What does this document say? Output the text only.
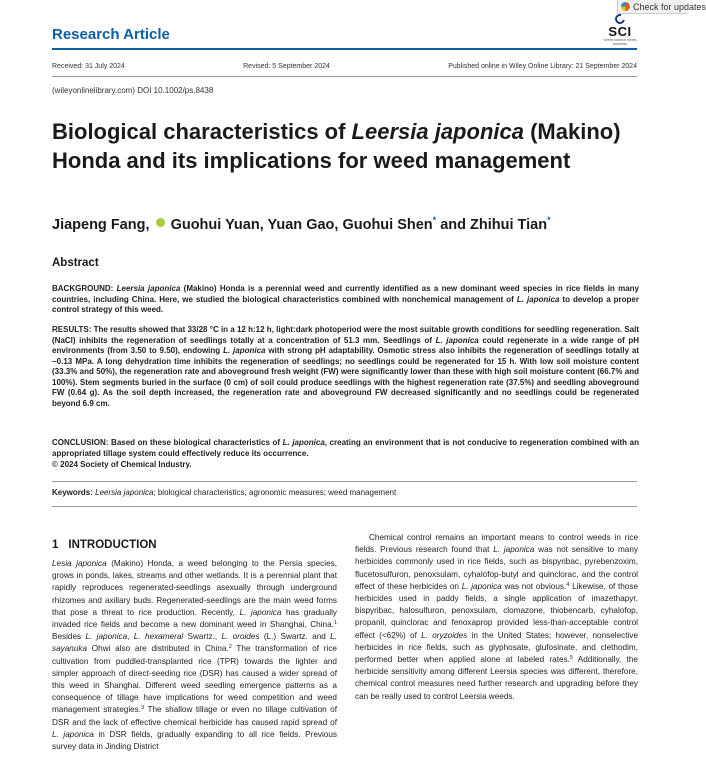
Check for updates
Research Article	SCI
where science meets business
Received: 31 July 2024	Revised: 5 September 2024	Published online in Wiley Online Library: 21 September 2024
(wileyonlinelibrary.com) DOI 10.1002/ps.8438
Biological characteristics of Leersia japonica (Makino) Honda and its implications for weed management
Jiapeng Fang, Guohui Yuan, Yuan Gao, Guohui Shen* and Zhihui Tian*
Abstract

BACKGROUND: Leersia japonica (Makino) Honda is a perennial weed and currently identified as a new dominant weed species in rice fields in many countries, including China. Here, we studied the biological characteristics combined with nonchemical management of L. japonica to develop a proper control strategy of this weed.

RESULTS: The results showed that 33/28 °C in a 12 h:12 h, light:dark photoperiod were the most suitable growth conditions for seedling regeneration. Salt (NaCl) inhibits the regeneration of seedlings totally at a concentration of 51.3 mm. Seedlings of L. japonica could regenerate in a wide range of pH environments (from 3.50 to 9.50), endowing L. japonica with strong pH adaptability. Osmotic stress also inhibits the regeneration of seedlings totally at −0.13 MPa. A long dehydration time inhibits the regeneration of seedlings; no seedlings could be regenerated for 15 h. With low soil moisture content (33.3% and 50%), the regeneration rate and aboveground fresh weight (FW) were significantly lower than these with high soil moisture content (66.7% and 100%). Stem segments buried in the surface (0 cm) of soil could produce seedlings with the highest regeneration rate (37.5%) and seedling aboveground FW (0.64 g). As the soil depth increased, the regeneration rate and aboveground FW decreased significantly and no seedlings could be regenerated beyond 6.9 cm.

CONCLUSION: Based on these biological characteristics of L. japonica, creating an environment that is not conducive to regeneration combined with an appropriated tillage system could effectively reduce its occurrence.

© 2024 Society of Chemical Industry.
Keywords: Leersia japonica; biological characteristics; agronomic measures; weed management
1 INTRODUCTION

Lesia japonica (Makino) Honda, a weed belonging to the Persia species, grows in ponds, lakes, streams and other wetlands. It is a perennial plant that rapidly reproduces regenerated-seedlings asexually through underground rhizomes and axillary buds. Regenerated-seedlings are the main weed forms that pose a threat to rice production. Recently, L. japonica has gradually invaded rice fields and become a new dominant weed in Shanghai, China.$^1$ Besides L. japonica, L. hexameral Swartz., L. oroides (L.) Swartz. and L. sayanuka Ohwi also are distributed in China.$^2$ The transformation of rice cultivation from puddled-transplanted rice (TPR) towards the lighter and simpler approach of direct-seeding rice (DSR) has caused a wider spread of this weed in Shanghai. Different weed seedling emergence patterns as a consequence of tillage have implications for weed competition and weed management strategies.$^3$ The shallow tillage or even no tillage cultivation of DSR and the lack of effective chemical herbicide has caused rapid spread of L. japonica in DSR fields, gradually expanding to all rice fields. Previous survey data in Jinding District

Chemical control remains an important means to control weeds in rice fields. Previous research found that L. japonica was not sensitive to many herbicides commonly used in rice fields, such as bispyribac, pyrebenzoxim, flucetosulfuron, penoxsulam, cyhalofop-butyl and quinclorac, and the control effect of these herbicides on L. japonica was not obvious.$^4$ Likewise, of those herbicides used in paddy fields, a single application of imazethapyr, bispyribac, halosulfuron, penoxsulam, clomazone, thiobencarb, cyhalofop, propanil, quinclorac and fenoxaprop provided less-than-acceptable control effect (<62%) of L. oryzoides in the United States; however, nonselective herbicides in rice fields, such as glyphosate, glufosinate, and clethodim, performed better when applied alone at labeled rates.$^5$ Additionally, the herbicide sensitivity among different Leersia species was different, therefore, chemical control measures need further research and upgrading before they can be really used to control Leersia weeds.
